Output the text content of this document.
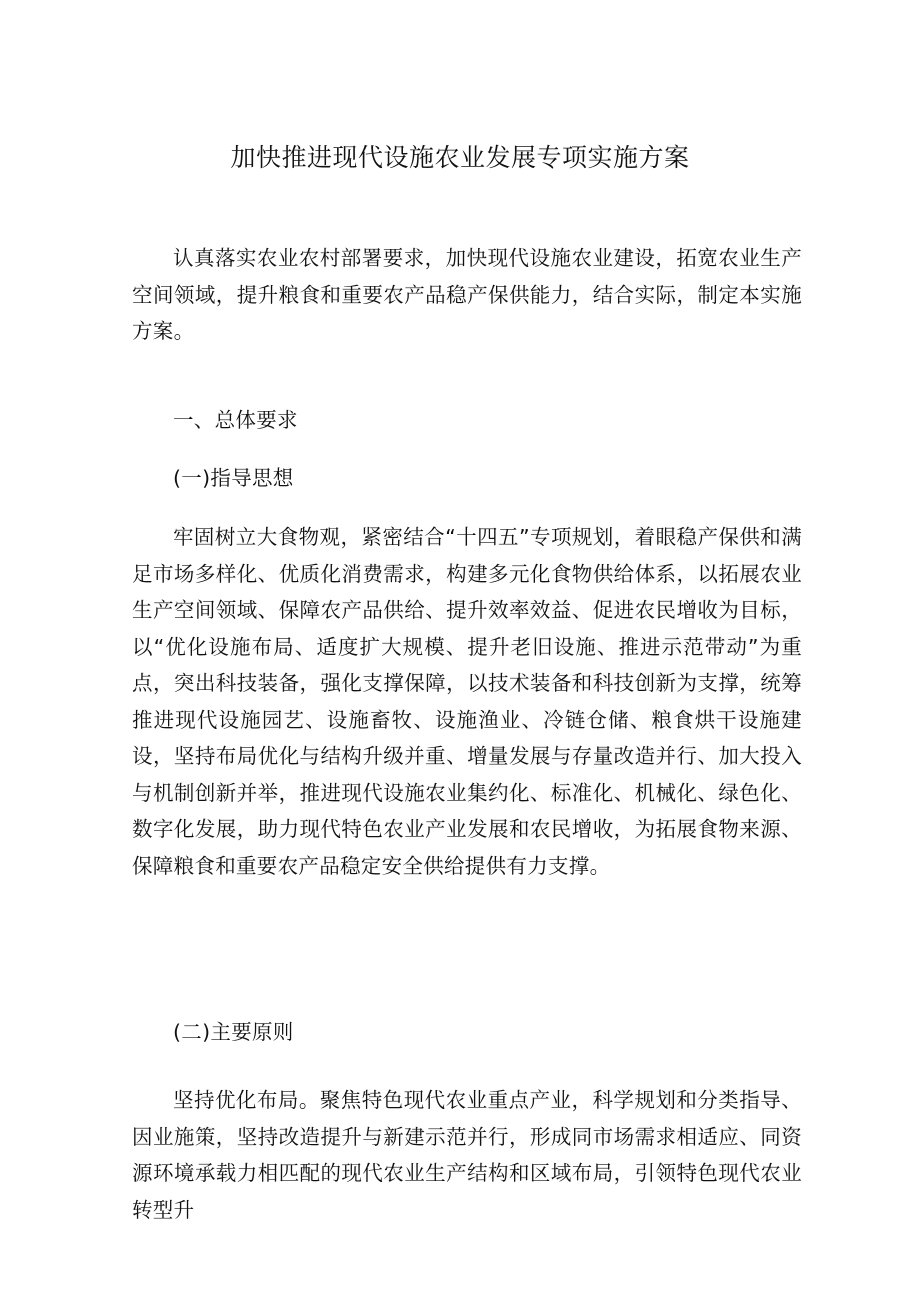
加快推进现代设施农业发展专项实施方案

认真落实农业农村部署要求，加快现代设施农业建设，拓宽农业生产空间领域，提升粮食和重要农产品稳产保供能力，结合实际，制定本实施方案。

一、总体要求
(一)指导思想

牢固树立大食物观，紧密结合“十四五”专项规划，着眼稳产保供和满足市场多样化、优质化消费需求，构建多元化食物供给体系，以拓展农业生产空间领域、保障农产品供给、提升效率效益、促进农民增收为目标，以“优化设施布局、适度扩大规模、提升老旧设施、推进示范带动”为重点，突出科技装备，强化支撑保障，以技术装备和科技创新为支撑，统筹推进现代设施园艺、设施畜牧、设施渔业、冷链仓储、粮食烘干设施建设，坚持布局优化与结构升级并重、增量发展与存量改造并行、加大投入与机制创新并举，推进现代设施农业集约化、标准化、机械化、绿色化、数字化发展，助力现代特色农业产业发展和农民增收，为拓展食物来源、保障粮食和重要农产品稳定安全供给提供有力支撑。

(二)主要原则

坚持优化布局。聚焦特色现代农业重点产业，科学规划和分类指导、因业施策，坚持改造提升与新建示范并行，形成同市场需求相适应、同资源环境承载力相匹配的现代农业生产结构和区域布局，引领特色现代农业转型升
